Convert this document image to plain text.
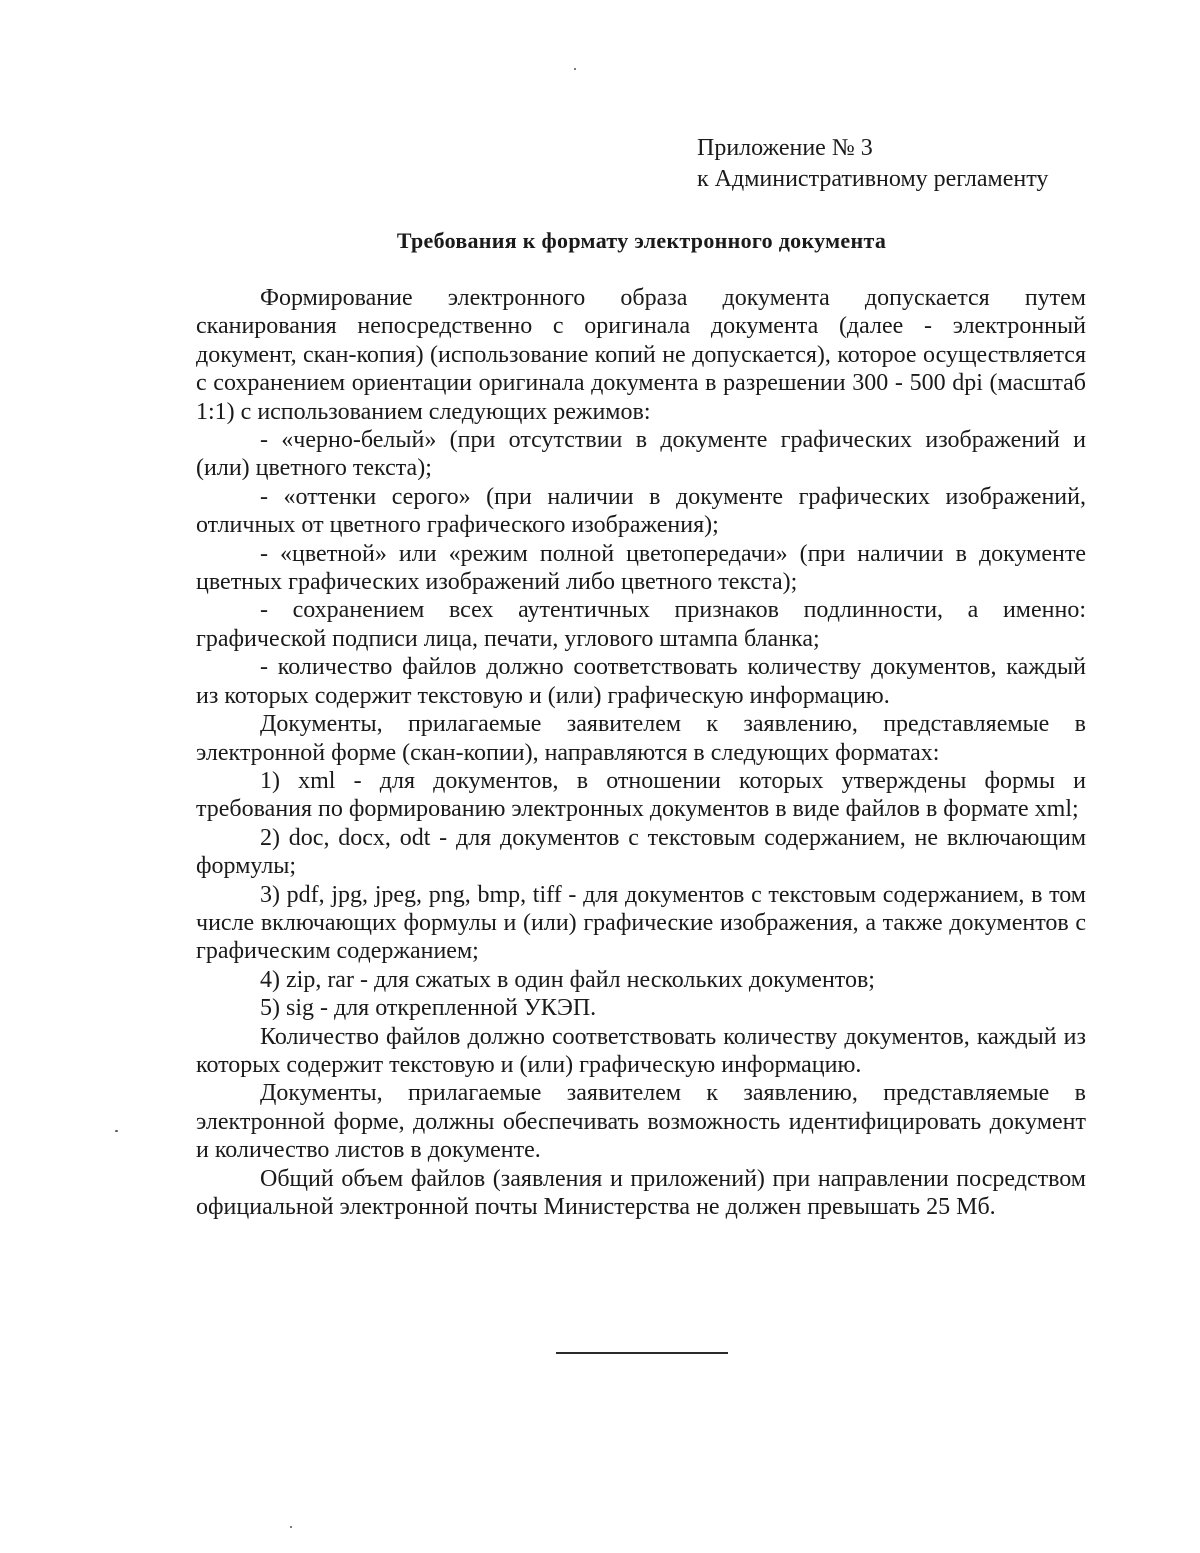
Приложение № 3
к Административному регламенту
Требования к формату электронного документа

Формирование электронного образа документа допускается путем сканирования непосредственно с оригинала документа (далее - электронный документ, скан-копия) (использование копий не допускается), которое осуществляется с сохранением ориентации оригинала документа в разрешении 300 - 500 dpi (масштаб 1:1) с использованием следующих режимов:

- «черно-белый» (при отсутствии в документе графических изображений и (или) цветного текста);

- «оттенки серого» (при наличии в документе графических изображений, отличных от цветного графического изображения);

- «цветной» или «режим полной цветопередачи» (при наличии в документе цветных графических изображений либо цветного текста);

- сохранением всех аутентичных признаков подлинности, а именно: графической подписи лица, печати, углового штампа бланка;

- количество файлов должно соответствовать количеству документов, каждый из которых содержит текстовую и (или) графическую информацию.

Документы, прилагаемые заявителем к заявлению, представляемые в электронной форме (скан-копии), направляются в следующих форматах:

1) xml - для документов, в отношении которых утверждены формы и требования по формированию электронных документов в виде файлов в формате xml;

2) doc, docx, odt - для документов с текстовым содержанием, не включающим формулы;

3) pdf, jpg, jpeg, png, bmp, tiff - для документов с текстовым содержанием, в том числе включающих формулы и (или) графические изображения, а также документов с графическим содержанием;

4) zip, rar - для сжатых в один файл нескольких документов;

5) sig - для открепленной УКЭП.

Количество файлов должно соответствовать количеству документов, каждый из которых содержит текстовую и (или) графическую информацию.

Документы, прилагаемые заявителем к заявлению, представляемые в электронной форме, должны обеспечивать возможность идентифицировать документ и количество листов в документе.

Общий объем файлов (заявления и приложений) при направлении посредством официальной электронной почты Министерства не должен превышать 25 Мб.
